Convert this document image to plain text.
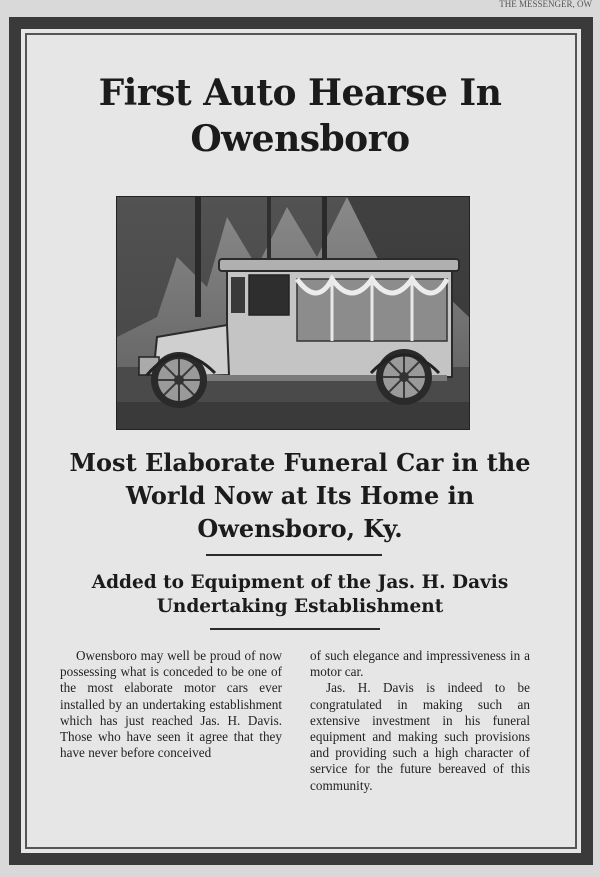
THE MESSENGER, OW
First Auto Hearse In
Owensboro
Most Elaborate Funeral Car in the
World Now at Its Home in
Owensboro, Ky.
Added to Equipment of the Jas. H. Davis
Undertaking Establishment

Owensboro may well be proud of now possessing what is conceded to be one of the most elaborate motor cars ever installed by an undertaking establishment which has just reached Jas. H. Davis. Those who have seen it agree that they have never before conceived

of such elegance and impressiveness in a motor car.

Jas. H. Davis is indeed to be congratulated in making such an extensive investment in his funeral equipment and making such provisions and providing such a high character of service for the future bereaved of this community.
